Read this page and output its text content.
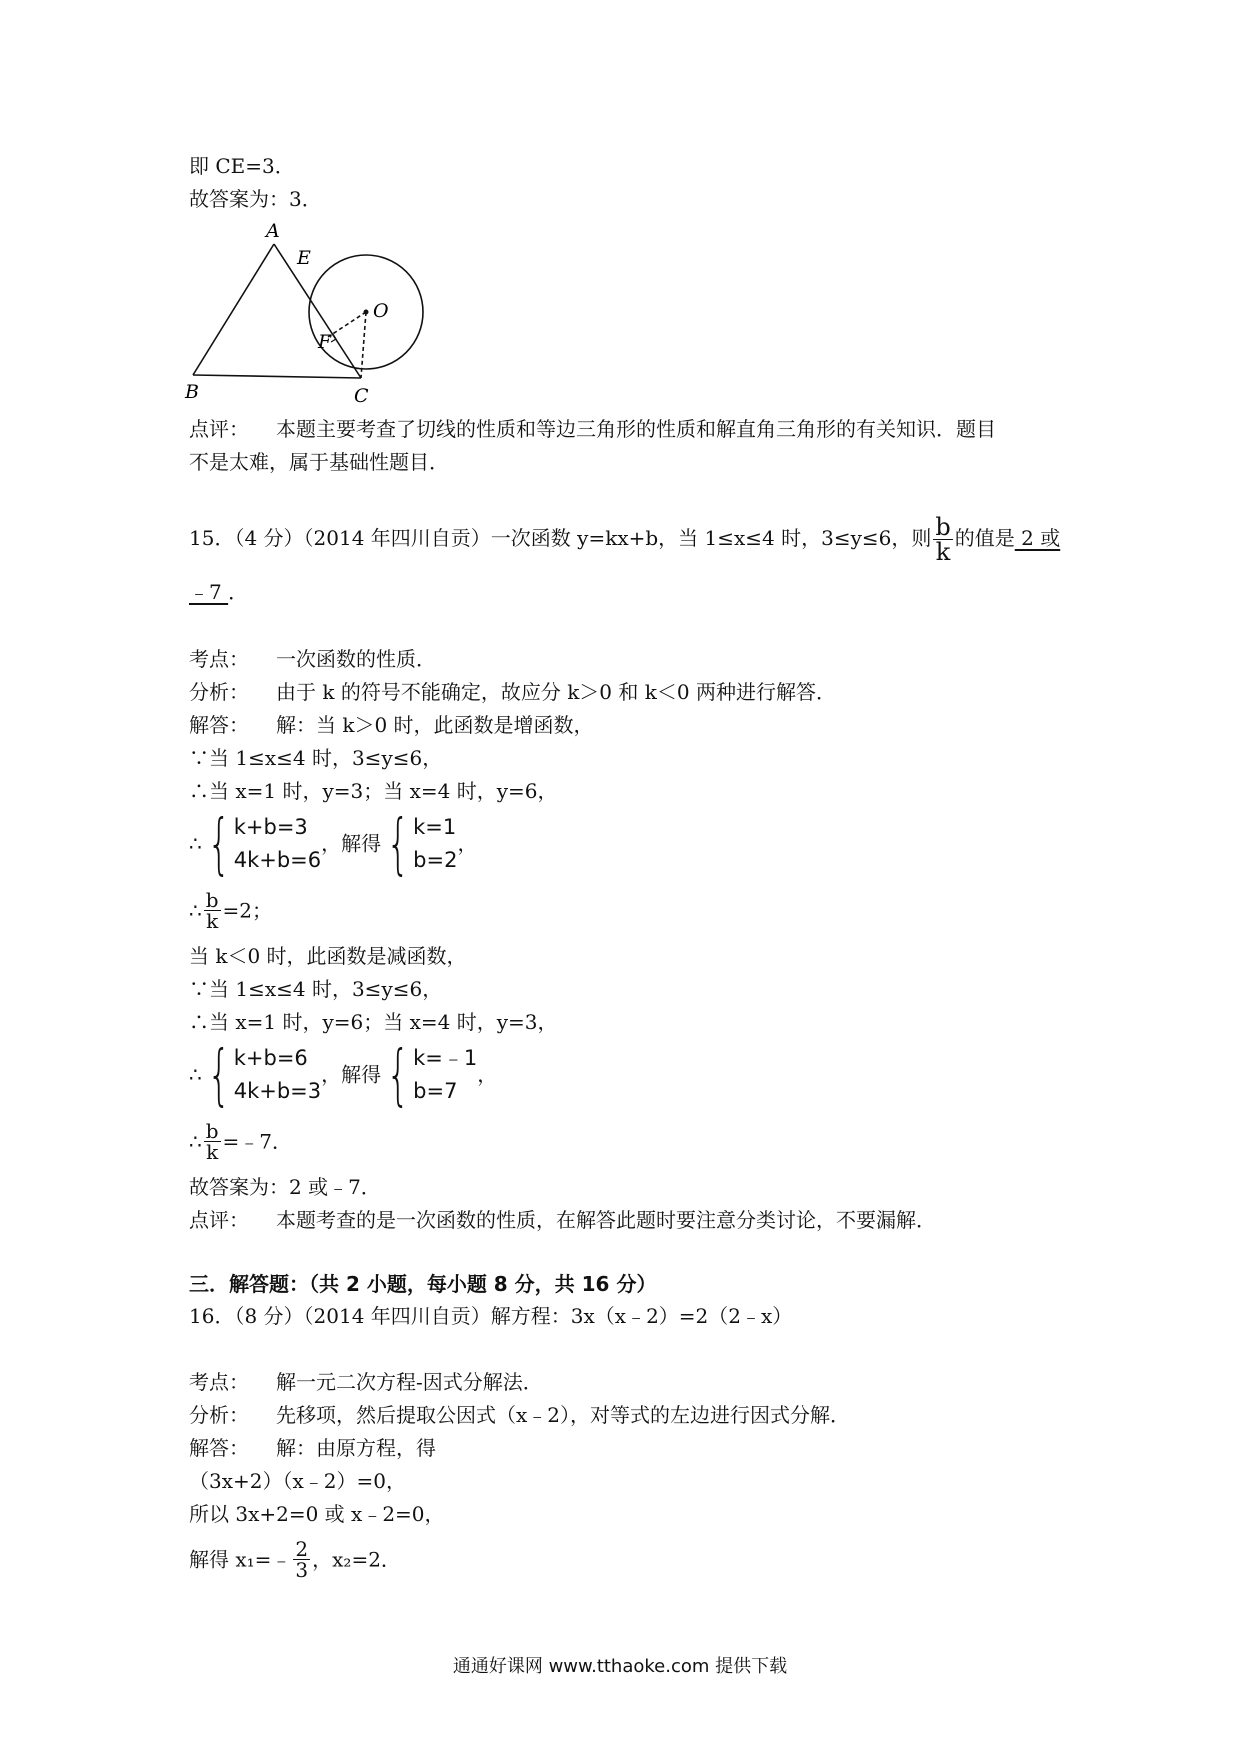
即 CE=3．
故答案为：3．
A
E
O
F
B	C
点评： 本题主要考查了切线的性质和等边三角形的性质和解直角三角形的有关知识．题目
不是太难，属于基础性题目．
15．（4 分）（2014 年四川自贡）一次函数 y=kx+b，当 1≤x≤4 时，3≤y≤6，则 $\frac{b}{k}$ 的值是 2 或
﹣7 ．
考点： 一次函数的性质．
分析： 由于 k 的符号不能确定，故应分 k＞0 和 k＜0 两种进行解答．
解答： 解：当 k＞0 时，此函数是增函数，
∵当 1≤x≤4 时，3≤y≤6，
∴当 x=1 时，y=3；当 x=4 时，y=6，
∴{ k+b=3
4k+b=6
，解得{ k=1
b=2
，
∴ $\frac{b}{k} =2$；
当 k＜0 时，此函数是减函数，
∵当 1≤x≤4 时，3≤y≤6，
∴当 x=1 时，y=6；当 x=4 时，y=3，
∴{ k+b=6
4k+b=3
，解得{ k=﹣1
b=7
，
∴ $\frac{b}{k}$ =﹣7．
故答案为：2 或﹣7．
点评： 本题考查的是一次函数的性质，在解答此题时要注意分类讨论，不要漏解．
三．解答题：（共 2 小题，每小题 8 分，共 16 分）
16．（8 分）（2014 年四川自贡）解方程：3x（x﹣2）=2（2﹣x）
考点： 解一元二次方程-因式分解法．
分析： 先移项，然后提取公因式（x﹣2），对等式的左边进行因式分解．
解答： 解：由原方程，得
（3x+2）（x﹣2）=0，
所以 3x+2=0 或 x﹣2=0，
解得 x₁=﹣ $\frac{2}{3}$ ，x₂=2．
通通好课网 www.tthaoke.com 提供下载
